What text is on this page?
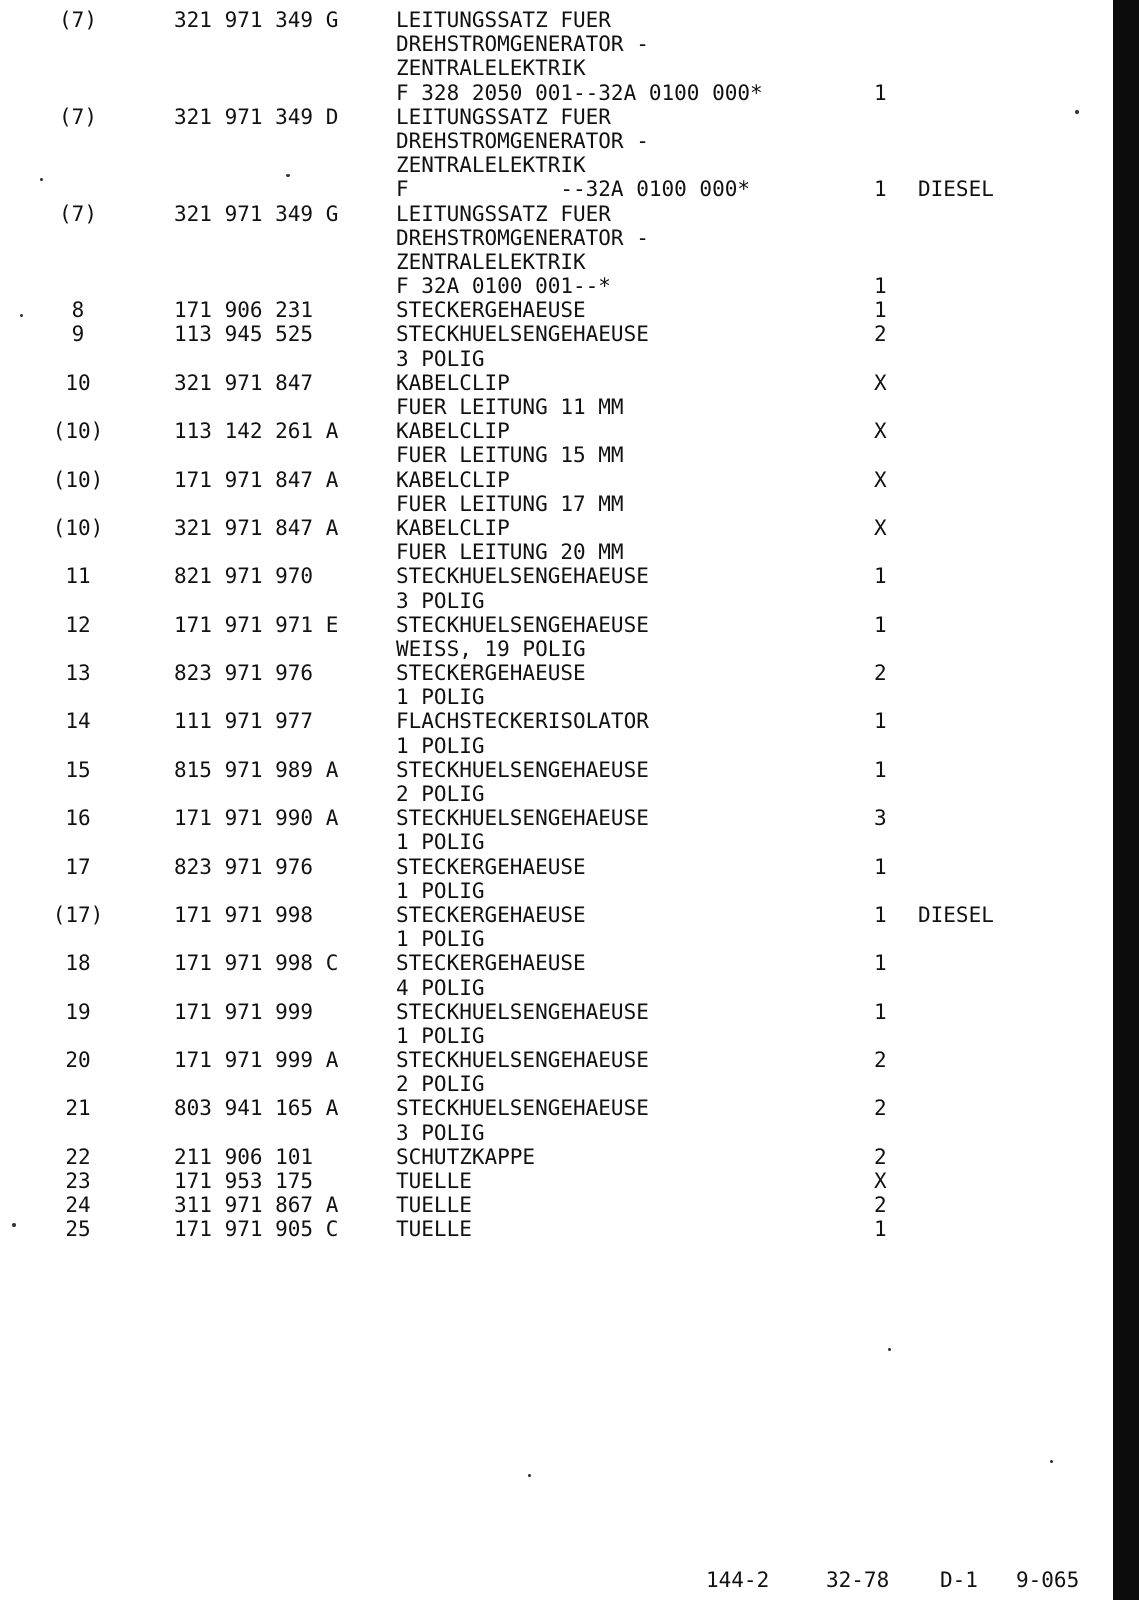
(7)	321 971 349 G	LEITUNGSSATZ FUER
DREHSTROMGENERATOR -
ZENTRALELEKTRIK
F 328 2050 001--32A 0100 000*	1
(7)	321 971 349 D	LEITUNGSSATZ FUER
DREHSTROMGENERATOR -
ZENTRALELEKTRIK
F            --32A 0100 000*	1 DIESEL
(7)	321 971 349 G	LEITUNGSSATZ FUER
DREHSTROMGENERATOR -
ZENTRALELEKTRIK
F 32A 0100 001--*	1
8	171 906 231	STECKERGEHAEUSE	1
9	113 945 525	STECKHUELSENGEHAEUSE	2
3 POLIG
10	321 971 847	KABELCLIP	X
FUER LEITUNG 11 MM
(10)	113 142 261 A	KABELCLIP	X
FUER LEITUNG 15 MM
(10)	171 971 847 A	KABELCLIP	X
FUER LEITUNG 17 MM
(10)	321 971 847 A	KABELCLIP	X
FUER LEITUNG 20 MM
11	821 971 970	STECKHUELSENGEHAEUSE	1
3 POLIG
12	171 971 971 E	STECKHUELSENGEHAEUSE	1
WEISS, 19 POLIG
13	823 971 976	STECKERGEHAEUSE	2
1 POLIG
14	111 971 977	FLACHSTECKERISOLATOR	1
1 POLIG
15	815 971 989 A	STECKHUELSENGEHAEUSE	1
2 POLIG
16	171 971 990 A	STECKHUELSENGEHAEUSE	3
1 POLIG
17	823 971 976	STECKERGEHAEUSE	1
1 POLIG
(17)	171 971 998	STECKERGEHAEUSE	1 DIESEL
1 POLIG
18	171 971 998 C	STECKERGEHAEUSE	1
4 POLIG
19	171 971 999	STECKHUELSENGEHAEUSE	1
1 POLIG
20	171 971 999 A	STECKHUELSENGEHAEUSE	2
2 POLIG
21	803 941 165 A	STECKHUELSENGEHAEUSE	2
3 POLIG
22	211 906 101	SCHUTZKAPPE	2
23	171 953 175	TUELLE	X
24	311 971 867 A	TUELLE	2
25	171 971 905 C	TUELLE	1
144-2	32-78 D-1 9-065
